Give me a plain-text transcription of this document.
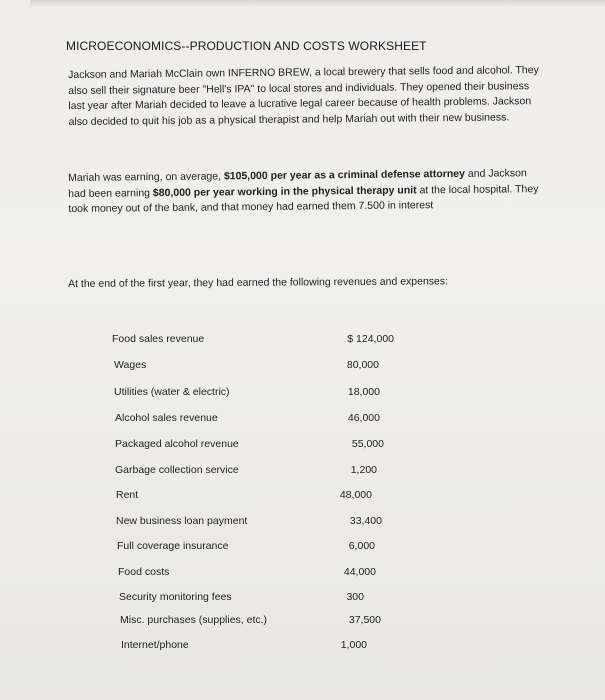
MICROECONOMICS--PRODUCTION AND COSTS WORKSHEET
Jackson and Mariah McClain own INFERNO BREW, a local brewery that sells food and alcohol. They also sell their signature beer "Hell's IPA" to local stores and individuals. They opened their business last year after Mariah decided to leave a lucrative legal career because of health problems. Jackson also decided to quit his job as a physical therapist and help Mariah out with their new business.
Mariah was earning, on average, $105,000 per year as a criminal defense attorney and Jackson had been earning $80,000 per year working in the physical therapy unit at the local hospital. They took money out of the bank, and that money had earned them 7.500 in interest
At the end of the first year, they had earned the following revenues and expenses:
Food sales revenue	$ 124,000
Wages	80,000
Utilities (water & electric)	18,000
Alcohol sales revenue	46,000
Packaged alcohol revenue	55,000
Garbage collection service	1,200
Rent	48,000
New business loan payment	33,400
Full coverage insurance	6,000
Food costs	44,000
Security monitoring fees	300
Misc. purchases (supplies, etc.)	37,500
Internet/phone	1,000
